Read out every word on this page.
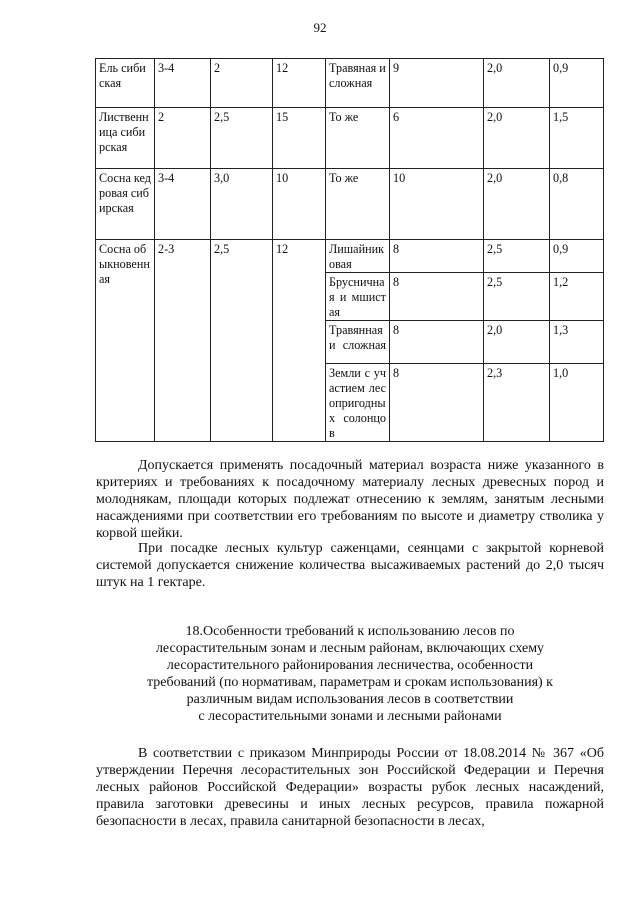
92
Ель сибиская	3-4	2	12	Травяная и сложная	9	2,0	0,9
Лиственница сибирская	2	2,5	15	То же	6	2,0	1,5
Сосна кедровая сибирская	3-4	3,0	10	То же	10	2,0	0,8
Сосна обыкновенная	2-3	2,5	12	Лишайниковая	8	2,5	0,9
				Брусничная и мшистая	8	2,5	1,2
				Травянная и сложная	8	2,0	1,3
				Земли с участием лесопригодных солонцов	8	2,3	1,0

Допускается применять посадочный материал возраста ниже указанного в критериях и требованиях к посадочному материалу лесных древесных пород и молоднякам, площади которых подлежат отнесению к землям, занятым лесными насаждениями при соответствии его требованиям по высоте и диаметру стволика у корвой шейки.

При посадке лесных культур саженцами, сеянцами с закрытой корневой системой допускается снижение количества высаживаемых растений до 2,0 тысяч штук на 1 гектаре.

18.Особенности требований к использованию лесов по
лесорастительным зонам и лесным районам, включающих схему
лесорастительного районирования лесничества, особенности
требований (по нормативам, параметрам и срокам использования) к
различным видам использования лесов в соответствии
с лесорастительными зонами и лесными районами

В соответствии с приказом Минприроды России от 18.08.2014 № 367 «Об утверждении Перечня лесорастительных зон Российской Федерации и Перечня лесных районов Российской Федерации» возрасты рубок лесных насаждений, правила заготовки древесины и иных лесных ресурсов, правила пожарной безопасности в лесах, правила санитарной безопасности в лесах,
